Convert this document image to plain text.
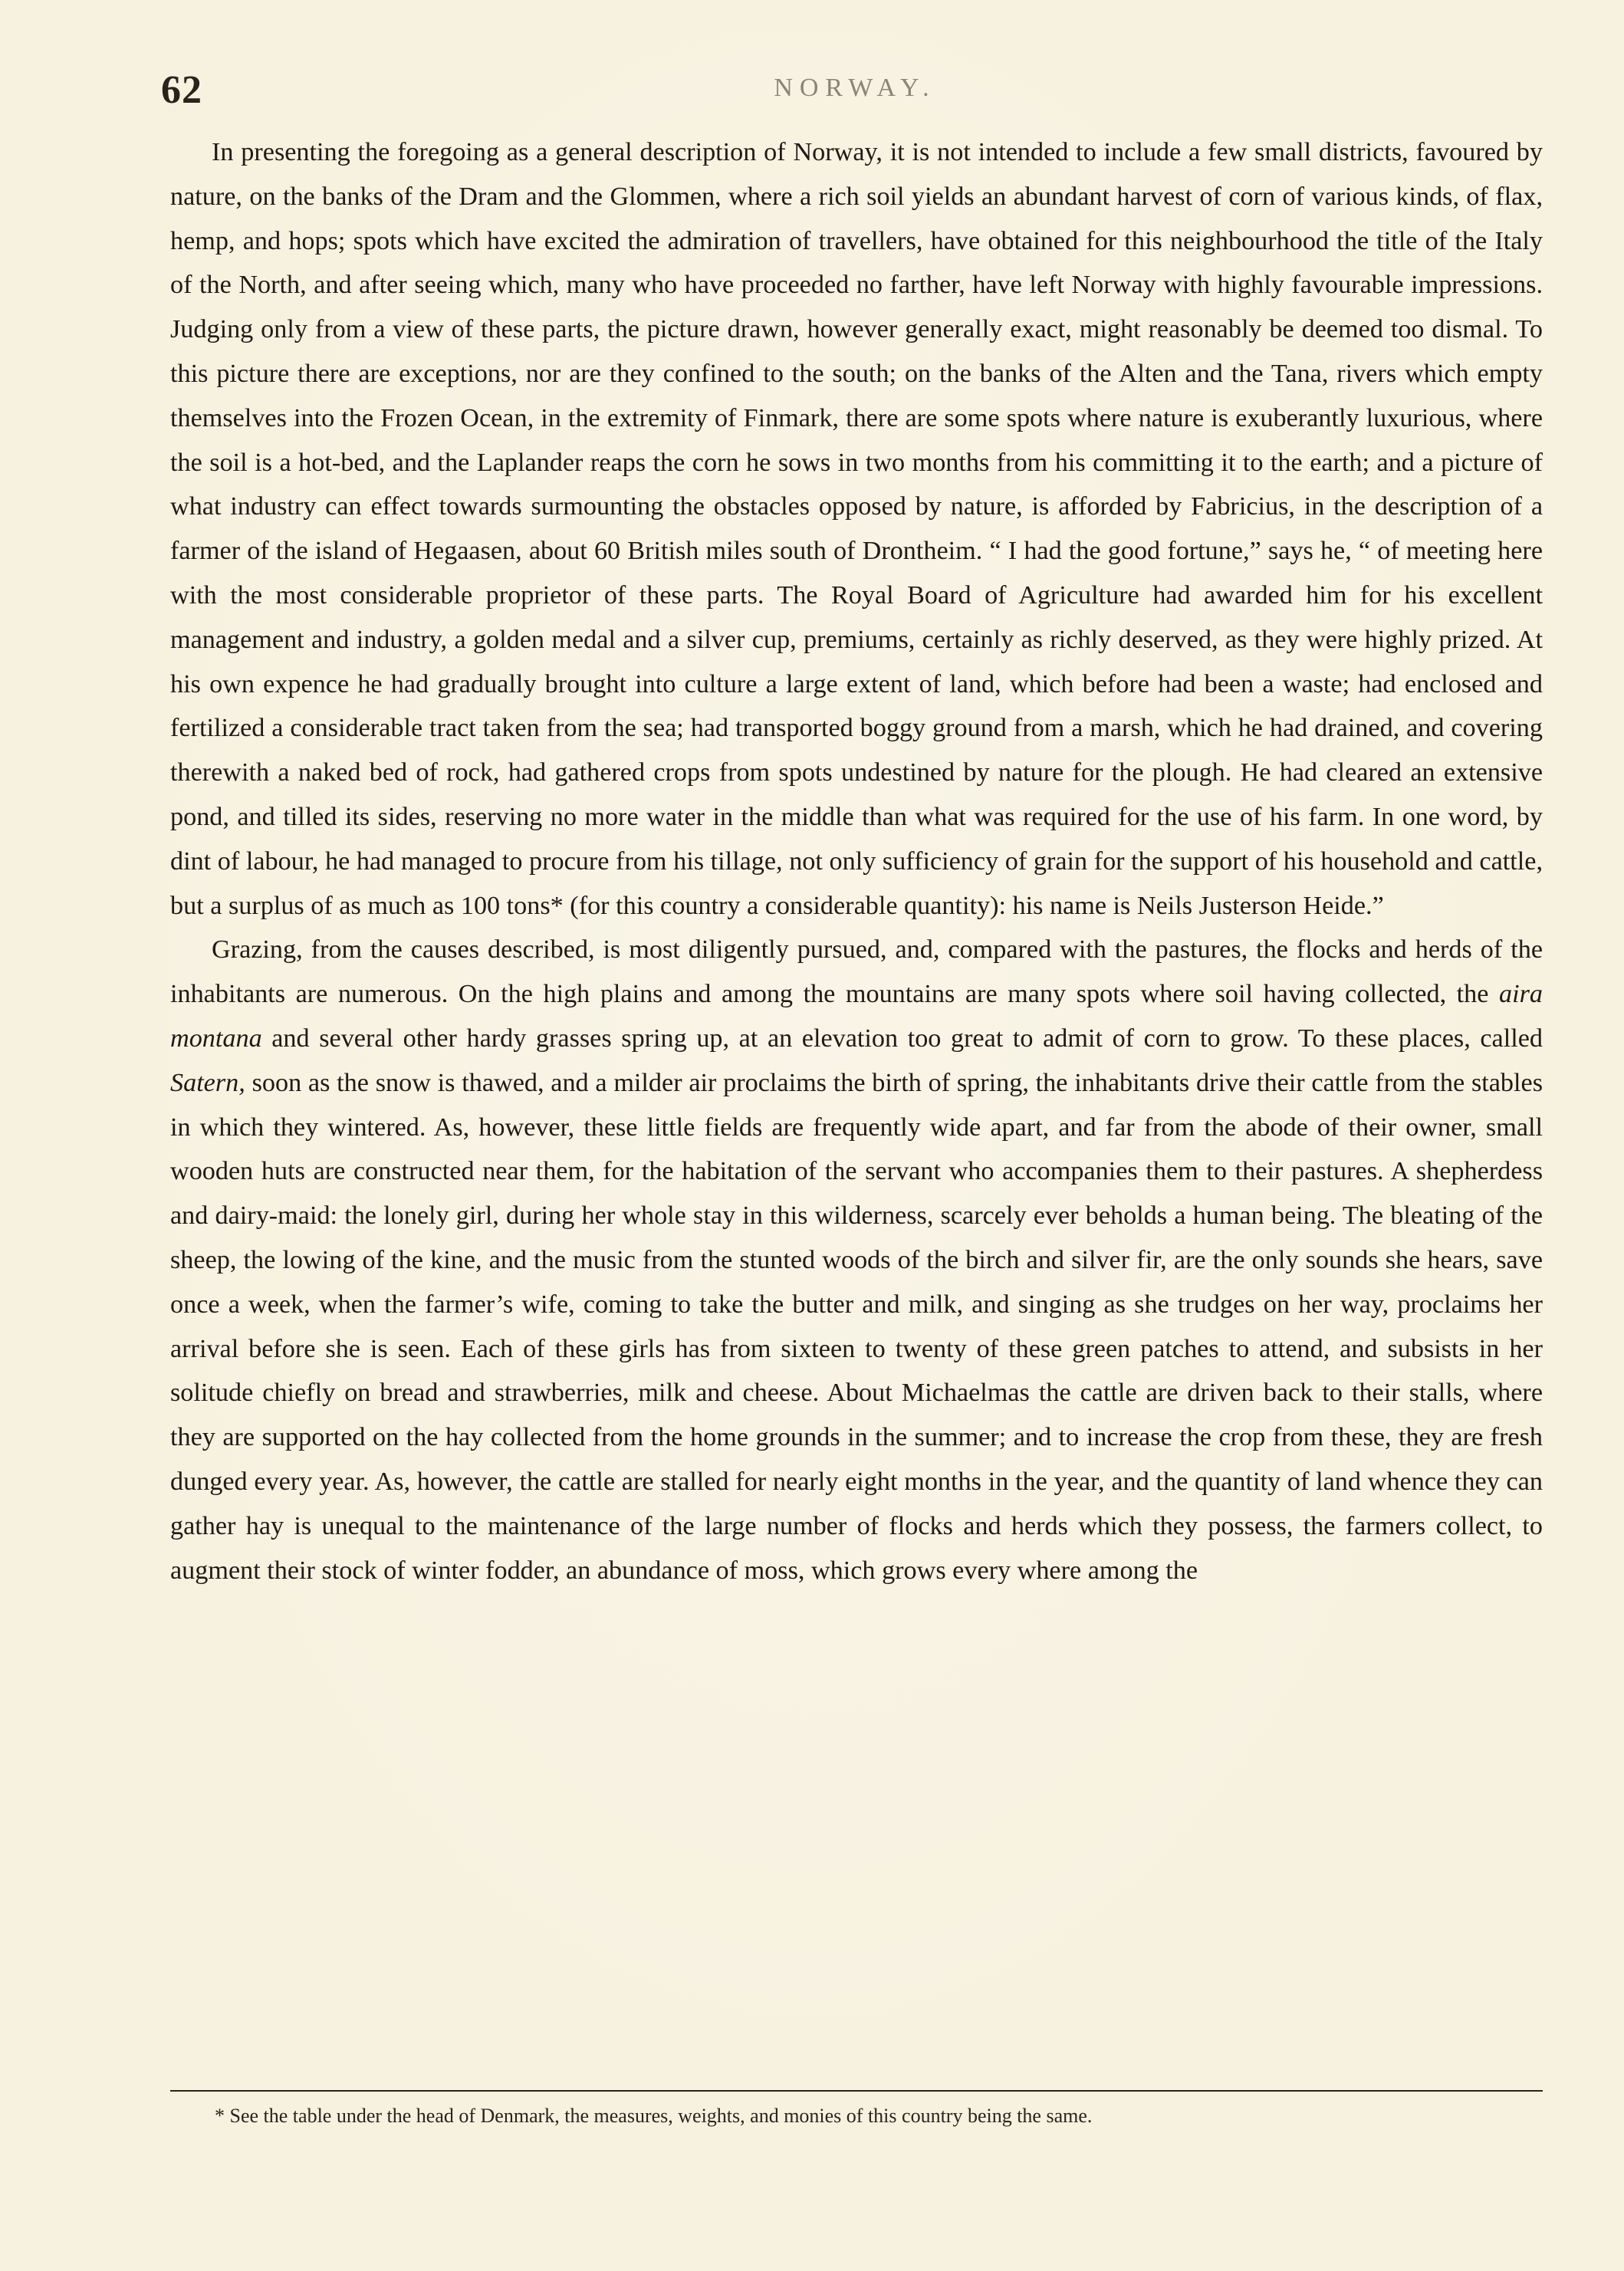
62	NORWAY.

In presenting the foregoing as a general description of Norway, it is not intended to include a few small districts, favoured by nature, on the banks of the Dram and the Glommen, where a rich soil yields an abundant harvest of corn of various kinds, of flax, hemp, and hops; spots which have excited the admiration of travellers, have obtained for this neighbourhood the title of the Italy of the North, and after seeing which, many who have proceeded no farther, have left Norway with highly favourable impressions. Judging only from a view of these parts, the picture drawn, however generally exact, might reasonably be deemed too dismal. To this picture there are exceptions, nor are they confined to the south; on the banks of the Alten and the Tana, rivers which empty themselves into the Frozen Ocean, in the extremity of Finmark, there are some spots where nature is exuberantly luxurious, where the soil is a hot-bed, and the Laplander reaps the corn he sows in two months from his committing it to the earth; and a picture of what industry can effect towards surmounting the obstacles opposed by nature, is afforded by Fabricius, in the description of a farmer of the island of Hegaasen, about 60 British miles south of Drontheim. “ I had the good fortune,” says he, “ of meeting here with the most considerable proprietor of these parts. The Royal Board of Agriculture had awarded him for his excellent management and industry, a golden medal and a silver cup, premiums, certainly as richly deserved, as they were highly prized. At his own expence he had gradually brought into culture a large extent of land, which before had been a waste; had enclosed and fertilized a considerable tract taken from the sea; had transported boggy ground from a marsh, which he had drained, and covering therewith a naked bed of rock, had gathered crops from spots undestined by nature for the plough. He had cleared an extensive pond, and tilled its sides, reserving no more water in the middle than what was required for the use of his farm. In one word, by dint of labour, he had managed to procure from his tillage, not only sufficiency of grain for the support of his household and cattle, but a surplus of as much as 100 tons* (for this country a considerable quantity): his name is Neils Justerson Heide.”

Grazing, from the causes described, is most diligently pursued, and, compared with the pastures, the flocks and herds of the inhabitants are numerous. On the high plains and among the mountains are many spots where soil having collected, the aira montana and several other hardy grasses spring up, at an elevation too great to admit of corn to grow. To these places, called Satern, soon as the snow is thawed, and a milder air proclaims the birth of spring, the inhabitants drive their cattle from the stables in which they wintered. As, however, these little fields are frequently wide apart, and far from the abode of their owner, small wooden huts are constructed near them, for the habitation of the servant who accompanies them to their pastures. A shepherdess and dairy-maid: the lonely girl, during her whole stay in this wilderness, scarcely ever beholds a human being. The bleating of the sheep, the lowing of the kine, and the music from the stunted woods of the birch and silver fir, are the only sounds she hears, save once a week, when the farmer’s wife, coming to take the butter and milk, and singing as she trudges on her way, proclaims her arrival before she is seen. Each of these girls has from sixteen to twenty of these green patches to attend, and subsists in her solitude chiefly on bread and strawberries, milk and cheese. About Michaelmas the cattle are driven back to their stalls, where they are supported on the hay collected from the home grounds in the summer; and to increase the crop from these, they are fresh dunged every year. As, however, the cattle are stalled for nearly eight months in the year, and the quantity of land whence they can gather hay is unequal to the maintenance of the large number of flocks and herds which they possess, the farmers collect, to augment their stock of winter fodder, an abundance of moss, which grows every where among the

* See the table under the head of Denmark, the measures, weights, and monies of this country being the same.
